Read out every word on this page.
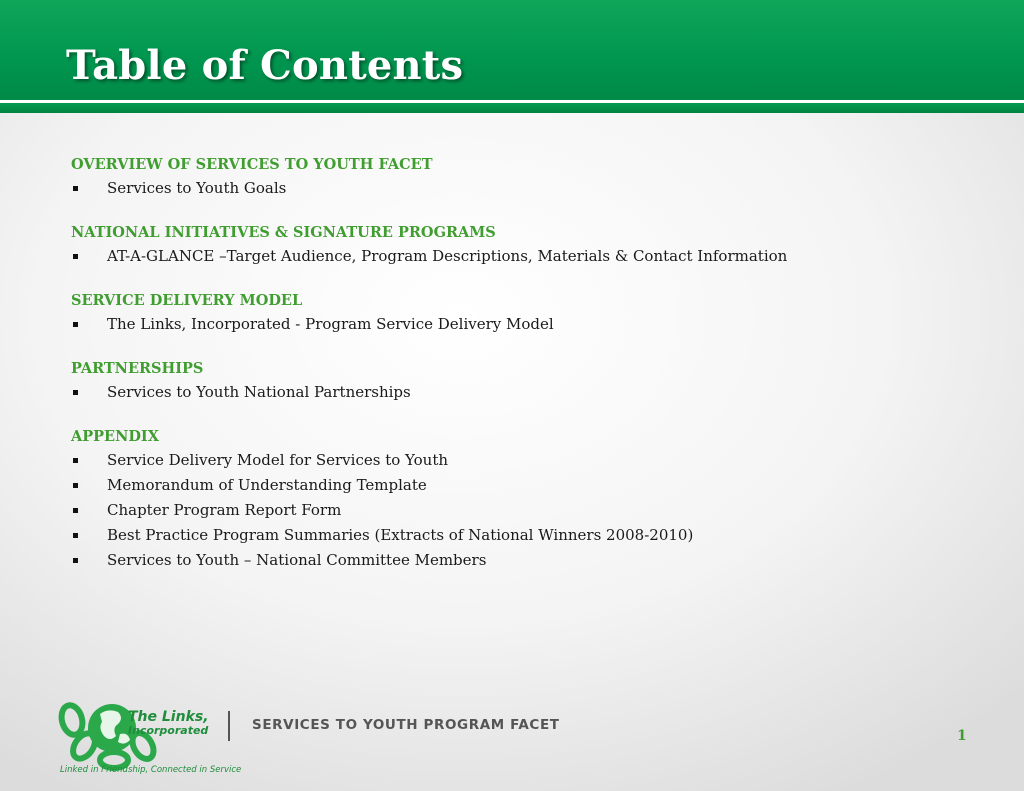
Table of Contents
OVERVIEW OF SERVICES TO YOUTH FACET
Services to Youth Goals
NATIONAL INITIATIVES & SIGNATURE PROGRAMS
AT-A-GLANCE –Target Audience, Program Descriptions, Materials & Contact Information
SERVICE DELIVERY MODEL
The Links, Incorporated - Program Service Delivery Model
PARTNERSHIPS
Services to Youth National Partnerships
APPENDIX
Service Delivery Model for Services to Youth
Memorandum of Understanding Template
Chapter Program Report Form
Best Practice Program Summaries (Extracts of National Winners 2008-2010)
Services to Youth – National Committee Members
The Links,
Incorporated
Linked in Friendship, Connected in Service
SERVICES TO YOUTH PROGRAM FACET
1
